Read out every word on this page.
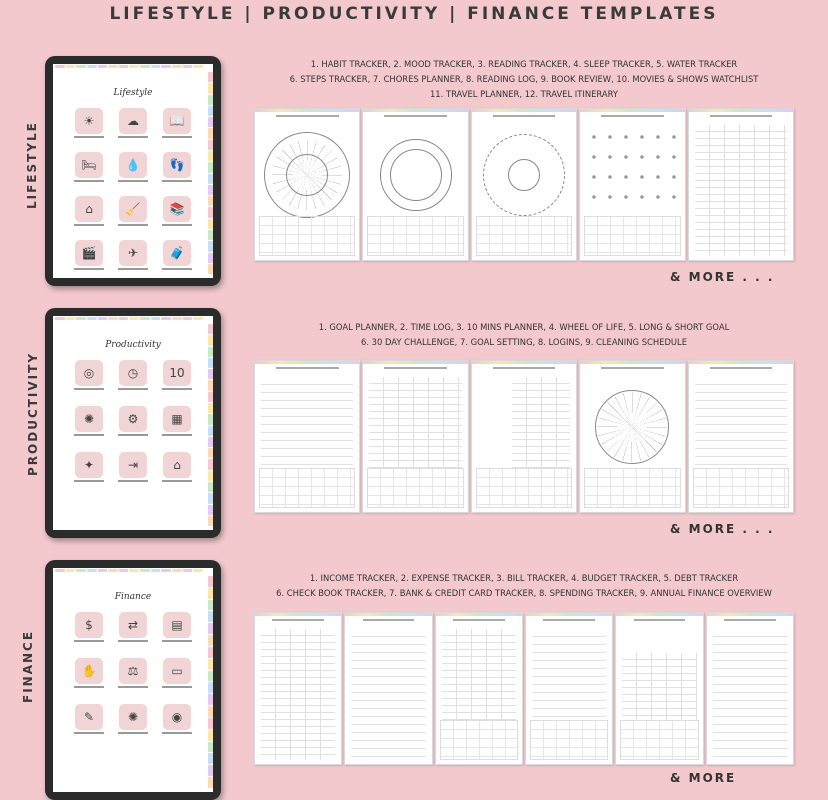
LIFESTYLE | PRODUCTIVITY | FINANCE TEMPLATES
LIFESTYLE
Lifestyle
☀	☁	📖
🛏	💧	👣
⌂	🧹	📚
🎬	✈	🧳
1. HABIT TRACKER, 2. MOOD TRACKER, 3. READING TRACKER, 4. SLEEP TRACKER, 5. WATER TRACKER
6. STEPS TRACKER, 7. CHORES PLANNER, 8. READING LOG, 9. BOOK REVIEW, 10. MOVIES & SHOWS WATCHLIST
11. TRAVEL PLANNER, 12. TRAVEL ITINERARY
& MORE . . .
PRODUCTIVITY
Productivity
◎	◷	10
✺	⚙	▦
✦	⇥	⌂
1. GOAL PLANNER, 2. TIME LOG, 3. 10 MINS PLANNER, 4. WHEEL OF LIFE, 5. LONG & SHORT GOAL
6. 30 DAY CHALLENGE, 7. GOAL SETTING, 8. LOGINS, 9. CLEANING SCHEDULE
& MORE . . .
FINANCE
Finance
$	⇄	▤
✋	⚖	▭
✎	✺	◉
1. INCOME TRACKER, 2. EXPENSE TRACKER, 3. BILL TRACKER, 4. BUDGET TRACKER, 5. DEBT TRACKER
6. CHECK BOOK TRACKER, 7. BANK & CREDIT CARD TRACKER, 8. SPENDING TRACKER, 9. ANNUAL FINANCE OVERVIEW
& MORE
